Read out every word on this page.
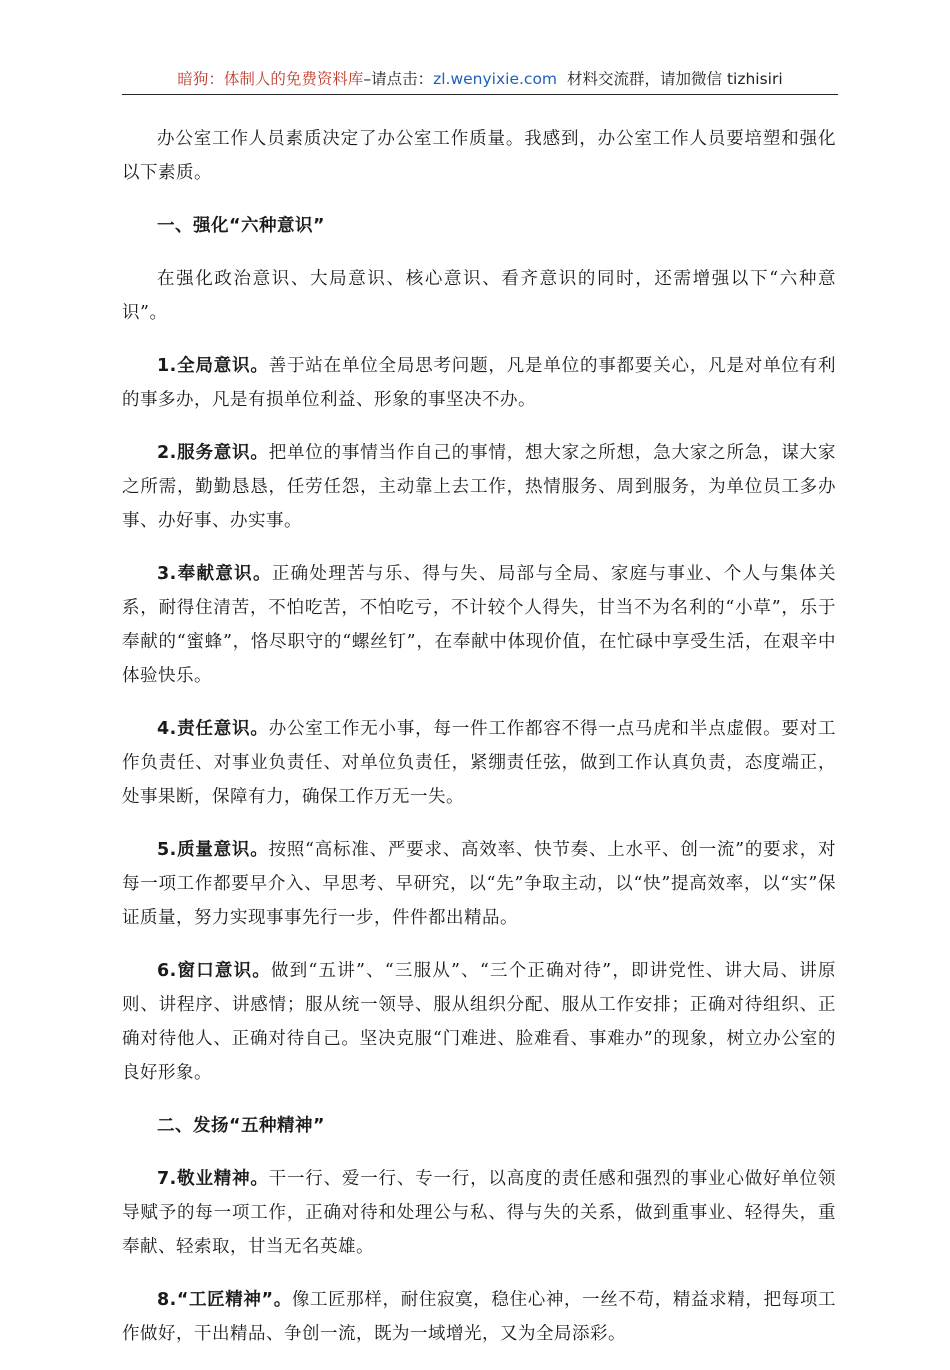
暗狗：体制人的免费资料库–请点击：zl.wenyixie.com 材料交流群，请加微信 tizhisiri

办公室工作人员素质决定了办公室工作质量。我感到，办公室工作人员要培塑和强化以下素质。

一、强化“六种意识”

在强化政治意识、大局意识、核心意识、看齐意识的同时，还需增强以下“六种意识”。

1.全局意识。善于站在单位全局思考问题，凡是单位的事都要关心，凡是对单位有利的事多办，凡是有损单位利益、形象的事坚决不办。

2.服务意识。把单位的事情当作自己的事情，想大家之所想，急大家之所急，谋大家之所需，勤勤恳恳，任劳任怨，主动靠上去工作，热情服务、周到服务，为单位员工多办事、办好事、办实事。

3.奉献意识。正确处理苦与乐、得与失、局部与全局、家庭与事业、个人与集体关系，耐得住清苦，不怕吃苦，不怕吃亏，不计较个人得失，甘当不为名利的“小草”，乐于奉献的“蜜蜂”，恪尽职守的“螺丝钉”，在奉献中体现价值，在忙碌中享受生活，在艰辛中体验快乐。

4.责任意识。办公室工作无小事，每一件工作都容不得一点马虎和半点虚假。要对工作负责任、对事业负责任、对单位负责任，紧绷责任弦，做到工作认真负责，态度端正，处事果断，保障有力，确保工作万无一失。

5.质量意识。按照“高标准、严要求、高效率、快节奏、上水平、创一流”的要求，对每一项工作都要早介入、早思考、早研究，以“先”争取主动，以“快”提高效率，以“实”保证质量，努力实现事事先行一步，件件都出精品。

6.窗口意识。做到“五讲”、“三服从”、“三个正确对待”，即讲党性、讲大局、讲原则、讲程序、讲感情；服从统一领导、服从组织分配、服从工作安排；正确对待组织、正确对待他人、正确对待自己。坚决克服“门难进、脸难看、事难办”的现象，树立办公室的良好形象。

二、发扬“五种精神”

7.敬业精神。干一行、爱一行、专一行，以高度的责任感和强烈的事业心做好单位领导赋予的每一项工作，正确对待和处理公与私、得与失的关系，做到重事业、轻得失，重奉献、轻索取，甘当无名英雄。

8.“工匠精神”。像工匠那样，耐住寂寞，稳住心神，一丝不苟，精益求精，把每项工作做好，干出精品、争创一流，既为一域增光，又为全局添彩。
